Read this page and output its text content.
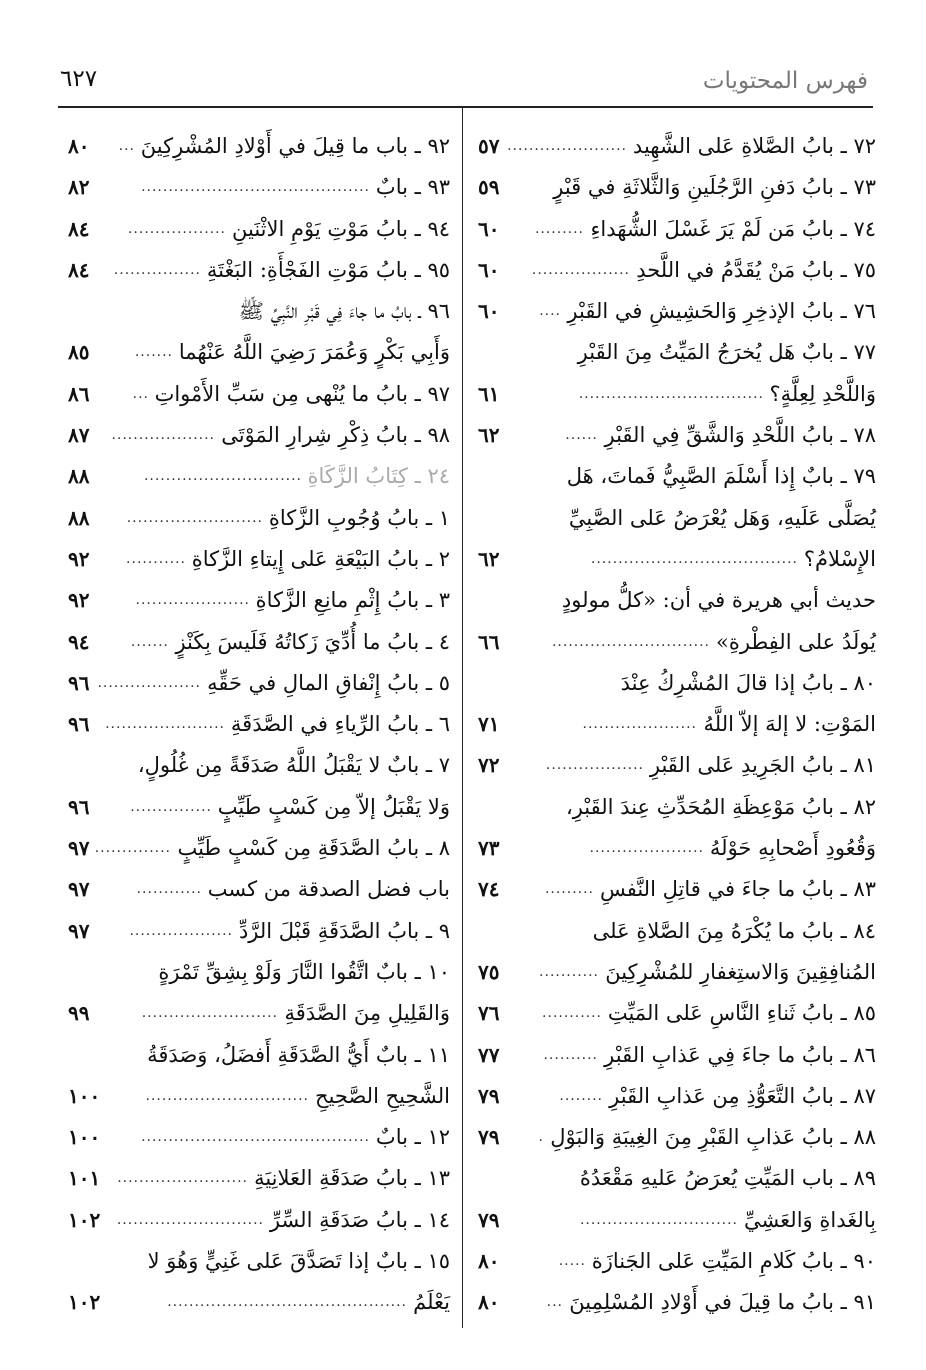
٦٢٧	فهرس المحتويات
٧٢ ـ بابُ الصَّلاةِ عَلى الشَّهِيد
......................
٥٧
٧٣ ـ بابُ دَفنِ الرَّجُلَينِ وَالثَّلاثَةِ في قَبْرٍ
٥٩
٧٤ ـ بابُ مَن لَمْ يَرَ غَسْلَ الشُّهَداءِ
.........
٦٠
٧٥ ـ بابُ مَنْ يُقَدَّمُ في اللَّحدِ
..................
٦٠
٧٦ ـ بابُ الإذخِرِ وَالحَشِيشِ في القَبْرِ
....
٦٠
٧٧ ـ بابٌ هَل يُخرَجُ المَيِّتُ مِنَ القَبْرِ
وَاللَّحْدِ لِعِلَّةٍ؟
..................................
٦١
٧٨ ـ بابُ اللَّحْدِ وَالشَّقِّ فِي القَبْرِ
......
٦٢
٧٩ ـ بابٌ إِذا أَسْلَمَ الصَّبِيُّ فَماتَ، هَل
يُصَلَّى عَلَيهِ، وَهَل يُعْرَضُ عَلى الصَّبِيِّ
الإِسْلامُ؟
......................................
٦٢
حديث أبي هريرة في أن: «كلُّ مولودٍ
يُولَدُ على الفِطْرةِ»
.............................
٦٦
٨٠ ـ بابُ إذا قالَ المُشْرِكُ عِنْدَ
المَوْتِ: لا إلهَ إلاّ اللَّهُ
.....................
٧١
٨١ ـ بابُ الجَرِيدِ عَلى القَبْرِ
..................
٧٢
٨٢ ـ بابُ مَوْعِظَةِ المُحَدِّثِ عِندَ القَبْرِ،
وَقُعُودِ أَصْحابِهِ حَوْلَهُ
.....................
٧٣
٨٣ ـ بابُ ما جاءَ في قاتِلِ النَّفسِ
.........
٧٤
٨٤ ـ بابُ ما يُكْرَهُ مِنَ الصَّلاةِ عَلى
المُنافِقِينَ وَالاستِغفارِ للمُشْرِكِينَ
...........
٧٥
٨٥ ـ بابُ ثَناءِ النَّاسِ عَلى المَيِّتِ
...........
٧٦
٨٦ ـ بابُ ما جاءَ فِي عَذابِ القَبْرِ
..........
٧٧
٨٧ ـ بابُ التَّعَوُّذِ مِن عَذابِ القَبْرِ
........
٧٩
٨٨ ـ بابُ عَذابِ القَبْرِ مِنَ الغِيبَةِ وَالبَوْلِ
.
٧٩
٨٩ ـ باب المَيِّتِ يُعرَضُ عَليهِ مَقْعَدُهُ
بِالغَداةِ وَالعَشِيِّ
.............................
٧٩
٩٠ ـ بابُ كَلامِ المَيِّتِ عَلى الجَنازَة
.....
٨٠
٩١ ـ بابُ ما قِيلَ في أَوْلادِ المُسْلِمِينَ
...
٨٠
٩٢ ـ باب ما قِيلَ في أَوْلادِ المُشْرِكِينَ
...
٨٠
٩٣ ـ بابٌ
..........................................
٨٢
٩٤ ـ بابُ مَوْتِ يَوْمِ الاثْنَينِ
..................
٨٤
٩٥ ـ بابُ مَوْتِ الفَجْأَةِ: البَغْتَةِ
................
٨٤
٩٦ ـ بابُ ما جاءَ فِي قَبْرِ النَّبِيِّ ﷺ
وَأَبِي بَكْرٍ وَعُمَرَ رَضِيَ اللَّهُ عَنْهُما
.......
٨٥
٩٧ ـ بابُ ما يُنْهى مِن سَبِّ الأَمْواتِ
...
٨٦
٩٨ ـ بابُ ذِكْرِ شِرارِ المَوْتَى
...................
٨٧
٢٤ ـ كِتَابُ الزَّكَاةِ
.............................
٨٨
١ ـ بابُ وُجُوبِ الزَّكاةِ
.........................
٨٨
٢ ـ بابُ البَيْعَةِ عَلى إِيتاءِ الزَّكاةِ
...........
٩٢
٣ ـ بابُ إِثْمِ مانِعِ الزَّكاةِ
.....................
٩٢
٤ ـ بابُ ما أُدِّيَ زَكاتُهُ فَلَيسَ بِكَنْزٍ
.......
٩٤
٥ ـ بابُ إِنْفاقِ المالِ في حَقِّهِ
...................
٩٦
٦ ـ بابُ الرِّياءِ في الصَّدَقَةِ
......................
٩٦
٧ ـ بابٌ لا يَقْبَلُ اللَّهُ صَدَقَةً مِن غُلُولٍ،
وَلا يَقْبَلُ إلاّ مِن كَسْبٍ طَيِّبٍ
...............
٩٦
٨ ـ بابُ الصَّدَقَةِ مِن كَسْبٍ طَيِّبٍ
..............
٩٧
باب فضل الصدقة من كسب
............
٩٧
٩ ـ بابُ الصَّدَقَةِ قَبْلَ الرَّدِّ
...................
٩٧
١٠ ـ بابٌ اتَّقُوا النَّارَ وَلَوْ بِشِقِّ تَمْرَةٍ
وَالقَلِيلِ مِنَ الصَّدَقَةِ
.........................
٩٩
١١ ـ بابٌ أَيُّ الصَّدَقَةِ أَفضَلُ، وَصَدَقَةُ
الشَّحِيحِ الصَّحِيحِ
..............................
١٠٠
١٢ ـ بابٌ
..........................................
١٠٠
١٣ ـ بابُ صَدَقَةِ العَلانِيَةِ
........................
١٠١
١٤ ـ بابُ صَدَقَةِ السِّرِّ
...........................
١٠٢
١٥ ـ بابٌ إذا تَصَدَّقَ عَلى غَنِيٍّ وَهُوَ لا
يَعْلَمُ
............................................
١٠٢
